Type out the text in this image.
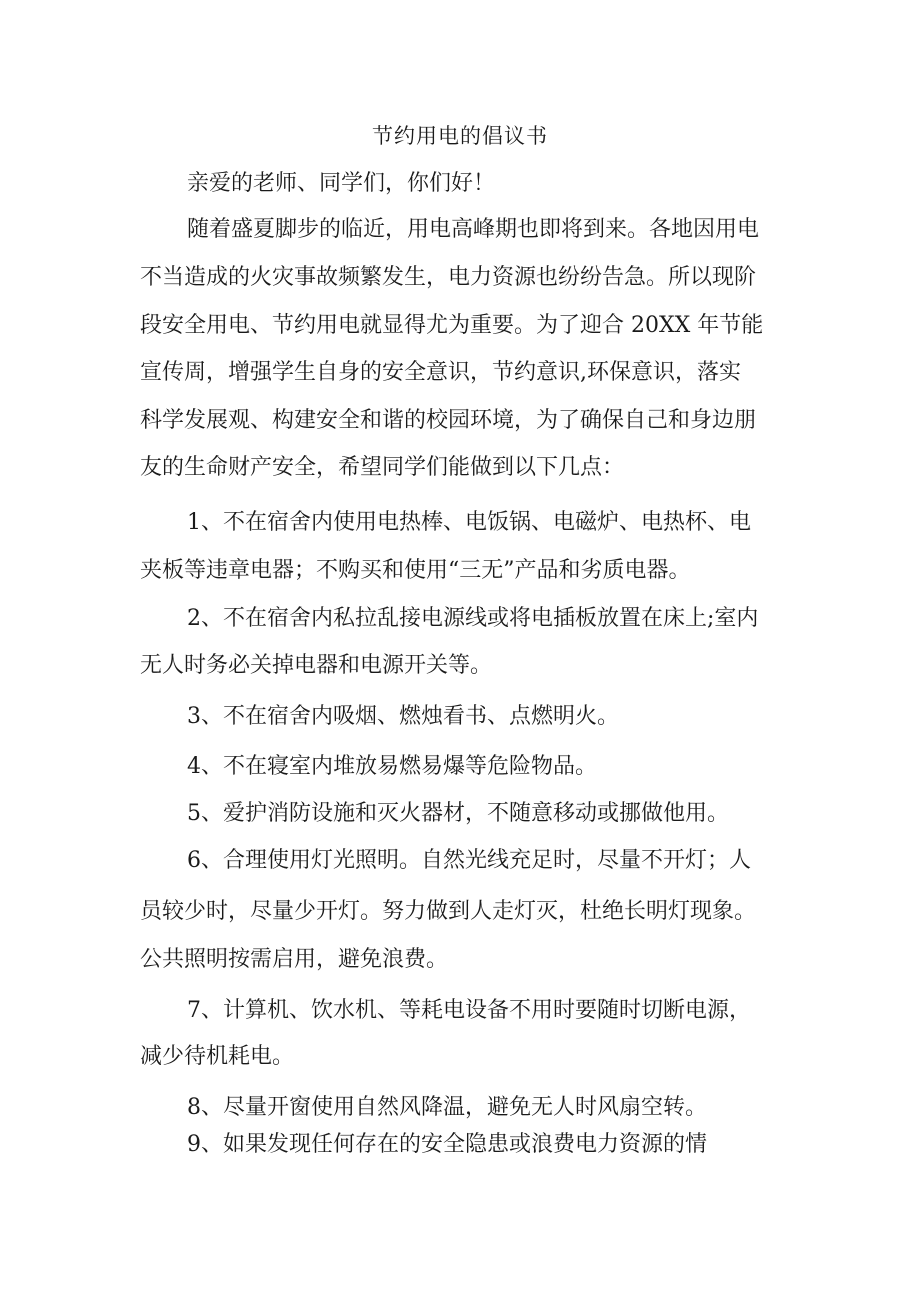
节约用电的倡议书
亲爱的老师、同学们，你们好！
随着盛夏脚步的临近，用电高峰期也即将到来。各地因用电
不当造成的火灾事故频繁发生，电力资源也纷纷告急。所以现阶
段安全用电、节约用电就显得尤为重要。为了迎合 20XX 年节能
宣传周，增强学生自身的安全意识，节约意识,环保意识，落实
科学发展观、构建安全和谐的校园环境，为了确保自己和身边朋
友的生命财产安全，希望同学们能做到以下几点：
1、不在宿舍内使用电热棒、电饭锅、电磁炉、电热杯、电
夹板等违章电器；不购买和使用“三无”产品和劣质电器。
2、不在宿舍内私拉乱接电源线或将电插板放置在床上;室内
无人时务必关掉电器和电源开关等。
3、不在宿舍内吸烟、燃烛看书、点燃明火。
4、不在寝室内堆放易燃易爆等危险物品。
5、爱护消防设施和灭火器材，不随意移动或挪做他用。
6、合理使用灯光照明。自然光线充足时，尽量不开灯；人
员较少时，尽量少开灯。努力做到人走灯灭，杜绝长明灯现象。
公共照明按需启用，避免浪费。
7、计算机、饮水机、等耗电设备不用时要随时切断电源，
减少待机耗电。
8、尽量开窗使用自然风降温，避免无人时风扇空转。
9、如果发现任何存在的安全隐患或浪费电力资源的情
